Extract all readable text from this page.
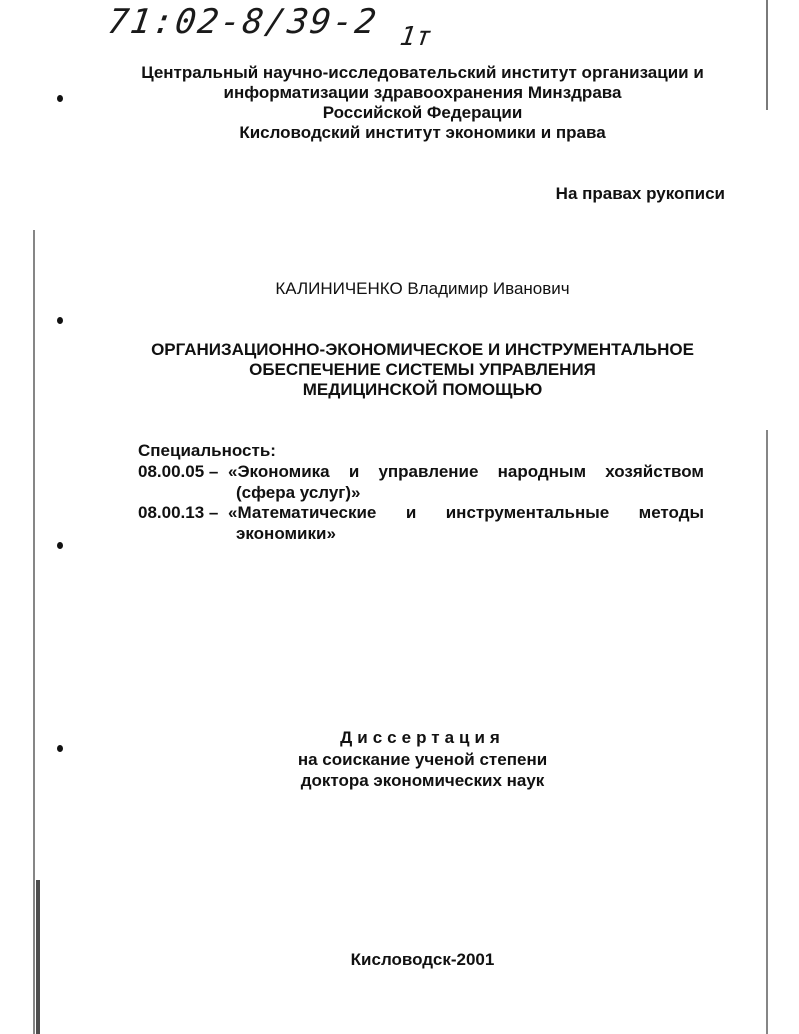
71:02-8/39-2 1т
Центральный научно-исследовательский институт организации и
информатизации здравоохранения Минздрава
Российской Федерации
Кисловодский институт экономики и права
На правах рукописи
КАЛИНИЧЕНКО Владимир Иванович
ОРГАНИЗАЦИОННО-ЭКОНОМИЧЕСКОЕ И ИНСТРУМЕНТАЛЬНОЕ
ОБЕСПЕЧЕНИЕ СИСТЕМЫ УПРАВЛЕНИЯ
МЕДИЦИНСКОЙ ПОМОЩЬЮ
Специальность:
08.00.05 – «Экономика и управление народным хозяйством
(сфера услуг)»
08.00.13 – «Математические и инструментальные методы
экономики»
Диссертация
на соискание ученой степени
доктора экономических наук
Кисловодск-2001
